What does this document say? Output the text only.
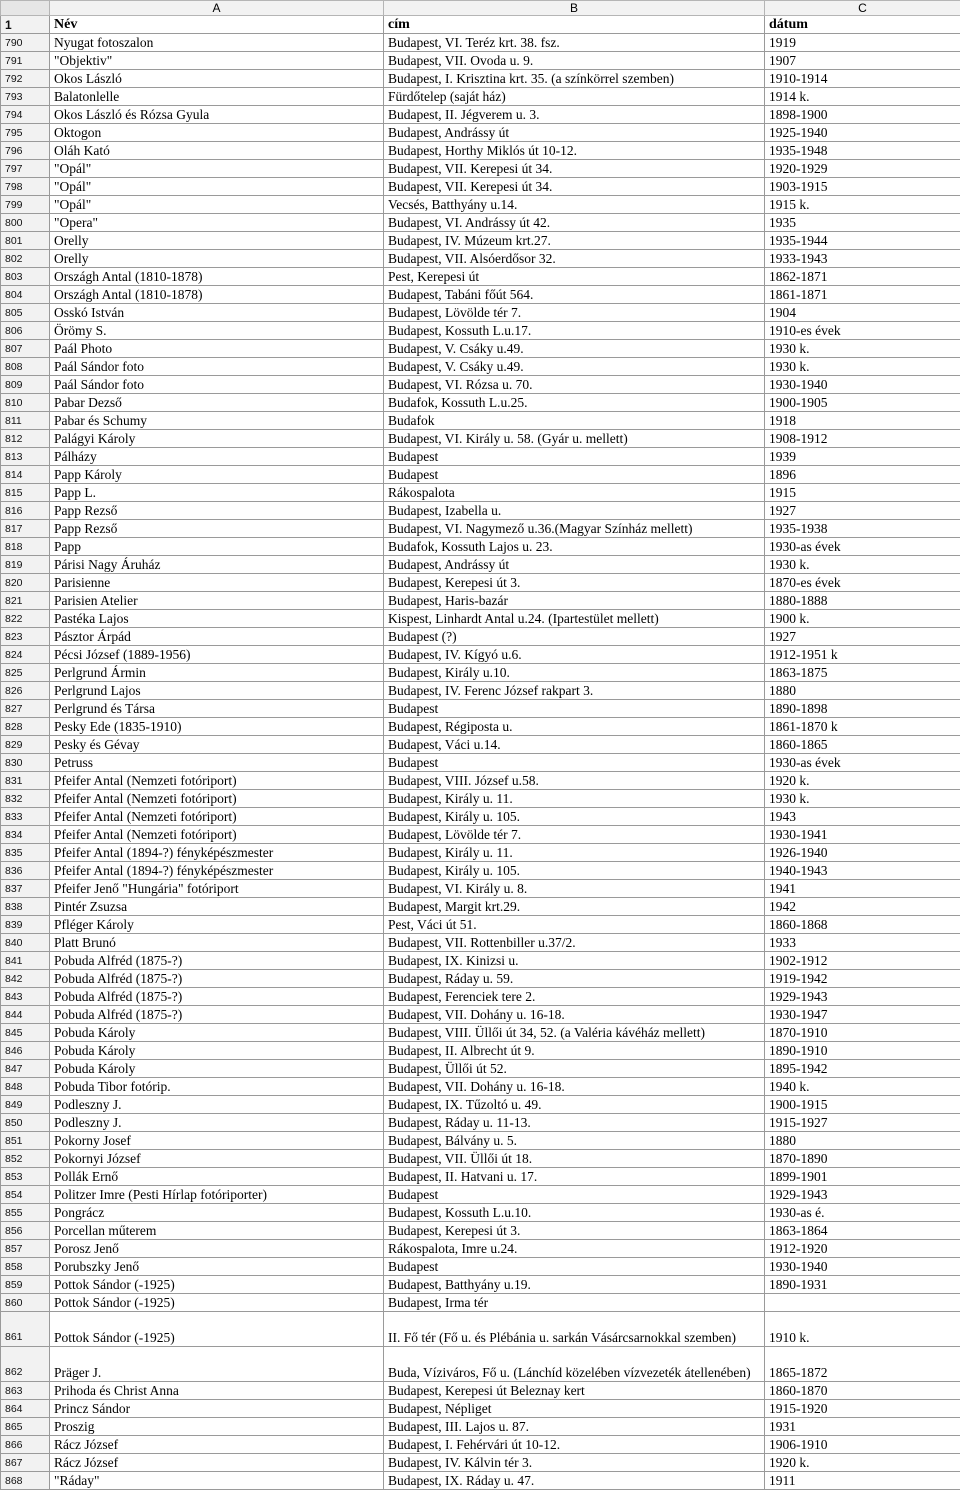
	A	B	C
1	Név	cím	dátum
790	Nyugat fotoszalon	Budapest, VI. Teréz krt. 38. fsz.	1919
791	"Objektiv"	Budapest, VII. Ovoda u. 9.	1907
792	Okos László	Budapest, I. Krisztina krt. 35. (a színkörrel szemben)	1910-1914
793	Balatonlelle	Fürdőtelep (saját ház)	1914 k.
794	Okos László és Rózsa Gyula	Budapest, II. Jégverem u. 3.	1898-1900
795	Oktogon	Budapest, Andrássy út	1925-1940
796	Oláh Kató	Budapest, Horthy Miklós út 10-12.	1935-1948
797	"Opál"	Budapest, VII. Kerepesi út 34.	1920-1929
798	"Opál"	Budapest, VII. Kerepesi út 34.	1903-1915
799	"Opál"	Vecsés, Batthyány u.14.	1915 k.
800	"Opera"	Budapest, VI. Andrássy út 42.	1935
801	Orelly	Budapest, IV. Múzeum krt.27.	1935-1944
802	Orelly	Budapest, VII. Alsóerdősor 32.	1933-1943
803	Országh Antal (1810-1878)	Pest, Kerepesi út	1862-1871
804	Országh Antal (1810-1878)	Budapest, Tabáni főút 564.	1861-1871
805	Osskó István	Budapest, Lövölde tér 7.	1904
806	Örömy S.	Budapest, Kossuth L.u.17.	1910-es évek
807	Paál Photo	Budapest, V. Csáky u.49.	1930 k.
808	Paál Sándor foto	Budapest, V. Csáky u.49.	1930 k.
809	Paál Sándor foto	Budapest, VI. Rózsa u. 70.	1930-1940
810	Pabar Dezső	Budafok, Kossuth L.u.25.	1900-1905
811	Pabar és Schumy	Budafok	1918
812	Palágyi Károly	Budapest, VI. Király u. 58. (Gyár u. mellett)	1908-1912
813	Pálházy	Budapest	1939
814	Papp Károly	Budapest	1896
815	Papp L.	Rákospalota	1915
816	Papp Rezső	Budapest, Izabella u.	1927
817	Papp Rezső	Budapest, VI. Nagymező u.36.(Magyar Színház mellett)	1935-1938
818	Papp	Budafok, Kossuth Lajos u. 23.	1930-as évek
819	Párisi Nagy Áruház	Budapest, Andrássy út	1930 k.
820	Parisienne	Budapest, Kerepesi út 3.	1870-es évek
821	Parisien Atelier	Budapest, Haris-bazár	1880-1888
822	Pastéka Lajos	Kispest, Linhardt Antal u.24. (Ipartestület mellett)	1900 k.
823	Pásztor Árpád	Budapest (?)	1927
824	Pécsi József (1889-1956)	Budapest, IV. Kígyó u.6.	1912-1951 k
825	Perlgrund Ármin	Budapest, Király u.10.	1863-1875
826	Perlgrund Lajos	Budapest, IV. Ferenc József rakpart 3.	1880
827	Perlgrund és Társa	Budapest	1890-1898
828	Pesky Ede (1835-1910)	Budapest, Régiposta u.	1861-1870 k
829	Pesky és Gévay	Budapest, Váci u.14.	1860-1865
830	Petruss	Budapest	1930-as évek
831	Pfeifer Antal (Nemzeti fotóriport)	Budapest, VIII. József u.58.	1920 k.
832	Pfeifer Antal (Nemzeti fotóriport)	Budapest, Király u. 11.	1930 k.
833	Pfeifer Antal (Nemzeti fotóriport)	Budapest, Király u. 105.	1943
834	Pfeifer Antal (Nemzeti fotóriport)	Budapest, Lövölde tér 7.	1930-1941
835	Pfeifer Antal (1894-?) fényképészmester	Budapest, Király u. 11.	1926-1940
836	Pfeifer Antal (1894-?) fényképészmester	Budapest, Király u. 105.	1940-1943
837	Pfeifer Jenő "Hungária" fotóriport	Budapest, VI. Király u. 8.	1941
838	Pintér Zsuzsa	Budapest, Margit krt.29.	1942
839	Pfléger Károly	Pest, Váci út 51.	1860-1868
840	Platt Brunó	Budapest, VII. Rottenbiller u.37/2.	1933
841	Pobuda Alfréd (1875-?)	Budapest, IX. Kinizsi u.	1902-1912
842	Pobuda Alfréd (1875-?)	Budapest, Ráday u. 59.	1919-1942
843	Pobuda Alfréd (1875-?)	Budapest, Ferenciek tere 2.	1929-1943
844	Pobuda Alfréd (1875-?)	Budapest, VII. Dohány u. 16-18.	1930-1947
845	Pobuda Károly	Budapest, VIII. Üllői út 34, 52. (a Valéria kávéház mellett)	1870-1910
846	Pobuda Károly	Budapest, II. Albrecht út 9.	1890-1910
847	Pobuda Károly	Budapest, Üllői út 52.	1895-1942
848	Pobuda Tibor fotórip.	Budapest, VII. Dohány u. 16-18.	1940 k.
849	Podleszny J.	Budapest, IX. Tűzoltó u. 49.	1900-1915
850	Podleszny J.	Budapest, Ráday u. 11-13.	1915-1927
851	Pokorny Josef	Budapest, Bálvány u. 5.	1880
852	Pokornyi József	Budapest, VII. Üllői út 18.	1870-1890
853	Pollák Ernő	Budapest, II. Hatvani u. 17.	1899-1901
854	Politzer Imre (Pesti Hírlap fotóriporter)	Budapest	1929-1943
855	Pongrácz	Budapest, Kossuth L.u.10.	1930-as é.
856	Porcellan műterem	Budapest, Kerepesi út 3.	1863-1864
857	Porosz Jenő	Rákospalota, Imre u.24.	1912-1920
858	Porubszky Jenő	Budapest	1930-1940
859	Pottok Sándor (-1925)	Budapest, Batthyány u.19.	1890-1931
860	Pottok Sándor (-1925)	Budapest, Irma tér	
861	Pottok Sándor (-1925)	II. Fő tér (Fő u. és Plébánia u. sarkán Vásárcsarnokkal szemben)	1910 k.
862	Präger J.	Buda, Víziváros, Fő u. (Lánchíd közelében vízvezeték átellenében)	1865-1872
863	Prihoda és Christ Anna	Budapest, Kerepesi út Beleznay kert	1860-1870
864	Princz Sándor	Budapest, Népliget	1915-1920
865	Proszig	Budapest, III. Lajos u. 87.	1931
866	Rácz József	Budapest, I. Fehérvári út 10-12.	1906-1910
867	Rácz József	Budapest, IV. Kálvin tér 3.	1920 k.
868	"Ráday"	Budapest, IX. Ráday u. 47.	1911
